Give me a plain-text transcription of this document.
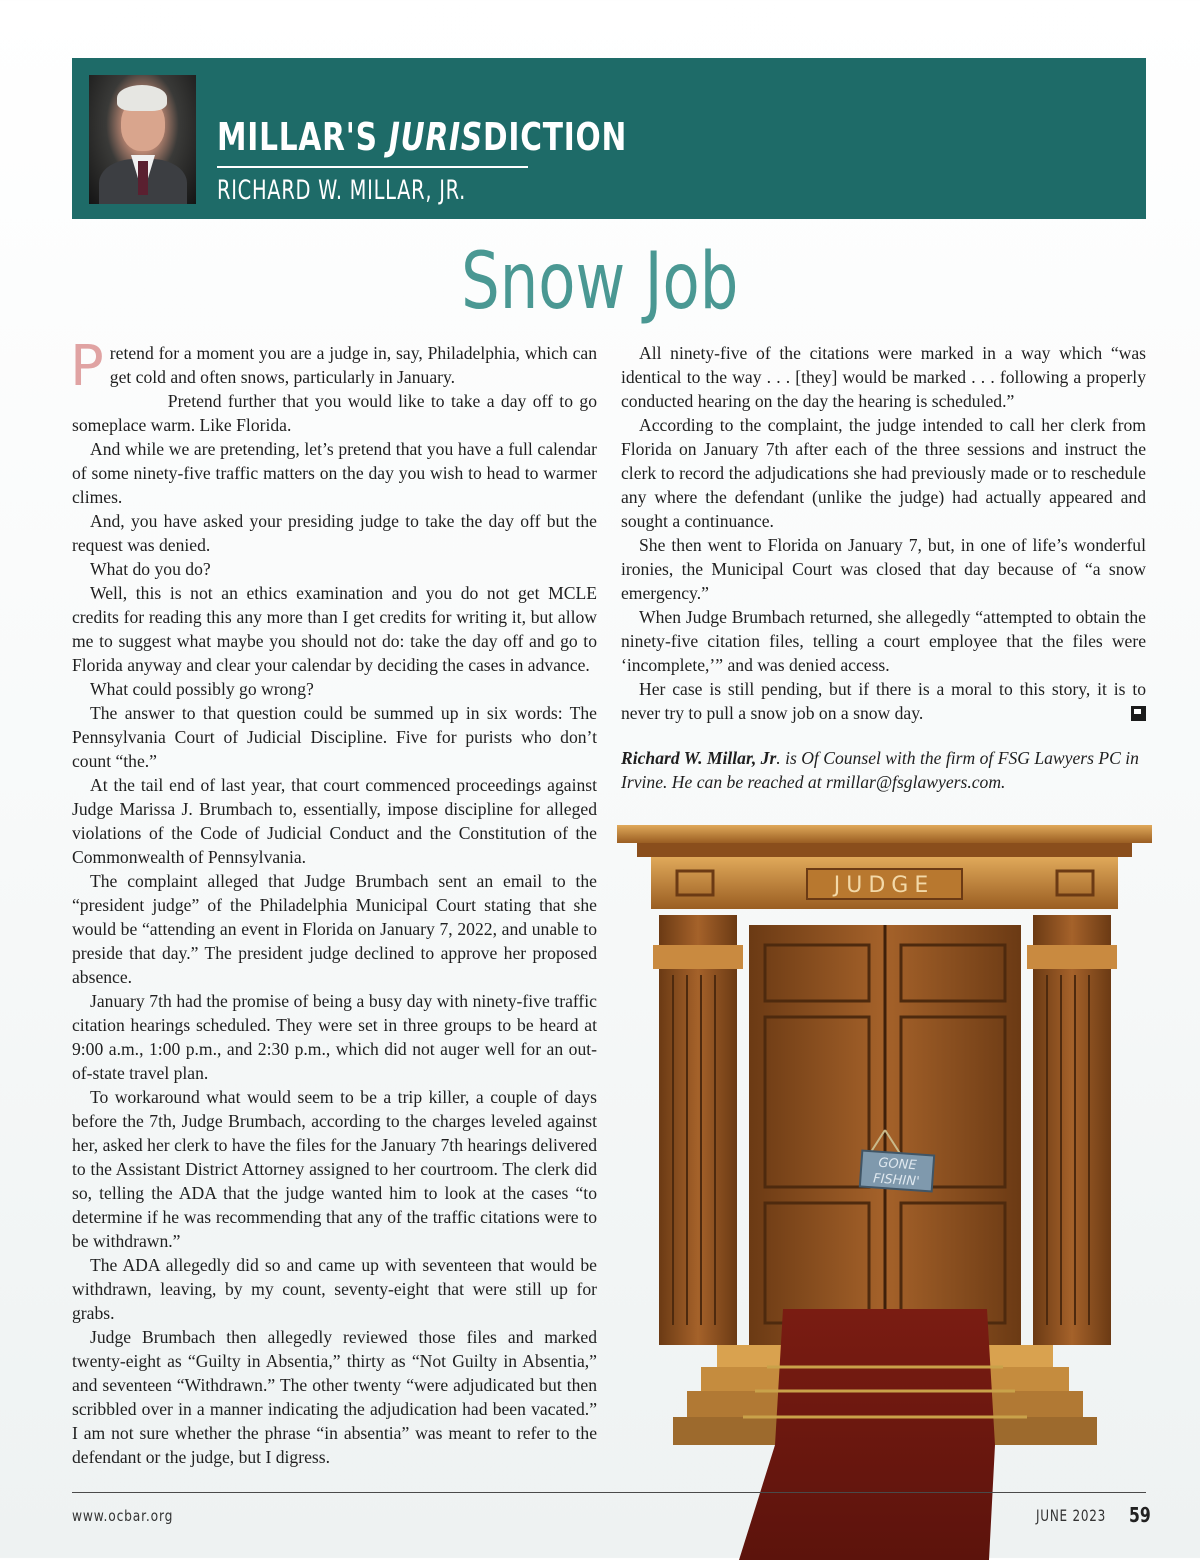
MILLAR'S JURISDICTION
RICHARD W. MILLAR, JR.
Snow Job

Pretend for a moment you are a judge in, say, Philadelphia, which can get cold and often snows, particularly in January.

Pretend further that you would like to take a day off to go someplace warm. Like Florida.

And while we are pretending, let’s pretend that you have a full calendar of some ninety-five traffic matters on the day you wish to head to warmer climes.

And, you have asked your presiding judge to take the day off but the request was denied.

What do you do?

Well, this is not an ethics examination and you do not get MCLE credits for reading this any more than I get credits for writing it, but allow me to suggest what maybe you should not do: take the day off and go to Florida anyway and clear your calendar by deciding the cases in advance.

What could possibly go wrong?

The answer to that question could be summed up in six words: The Pennsylvania Court of Judicial Discipline. Five for purists who don’t count “the.”

At the tail end of last year, that court commenced proceedings against Judge Marissa J. Brumbach to, essentially, impose discipline for alleged violations of the Code of Judicial Conduct and the Constitution of the Commonwealth of Pennsylvania.

The complaint alleged that Judge Brumbach sent an email to the “president judge” of the Philadelphia Municipal Court stating that she would be “attending an event in Florida on January 7, 2022, and unable to preside that day.” The president judge declined to approve her proposed absence.

January 7th had the promise of being a busy day with ninety-five traffic citation hearings scheduled. They were set in three groups to be heard at 9:00 a.m., 1:00 p.m., and 2:30 p.m., which did not auger well for an out-of-state travel plan.

To workaround what would seem to be a trip killer, a couple of days before the 7th, Judge Brumbach, according to the charges leveled against her, asked her clerk to have the files for the January 7th hearings delivered to the Assistant District Attorney assigned to her courtroom. The clerk did so, telling the ADA that the judge wanted him to look at the cases “to determine if he was recommending that any of the traffic citations were to be withdrawn.”

The ADA allegedly did so and came up with seventeen that would be withdrawn, leaving, by my count, seventy-eight that were still up for grabs.

Judge Brumbach then allegedly reviewed those files and marked twenty-eight as “Guilty in Absentia,” thirty as “Not Guilty in Absentia,” and seventeen “Withdrawn.” The other twenty “were adjudicated but then scribbled over in a manner indicating the adjudication had been vacated.” I am not sure whether the phrase “in absentia” was meant to refer to the defendant or the judge, but I digress.

All ninety-five of the citations were marked in a way which “was identical to the way . . . [they] would be marked . . . following a properly conducted hearing on the day the hearing is scheduled.”

According to the complaint, the judge intended to call her clerk from Florida on January 7th after each of the three sessions and instruct the clerk to record the adjudications she had previously made or to reschedule any where the defendant (unlike the judge) had actually appeared and sought a continuance.

She then went to Florida on January 7, but, in one of life’s wonderful ironies, the Municipal Court was closed that day because of “a snow emergency.”

When Judge Brumbach returned, she allegedly “attempted to obtain the ninety-five citation files, telling a court employee that the files were ‘incomplete,’” and was denied access.

Her case is still pending, but if there is a moral to this story, it is to never try to pull a snow job on a snow day.

Richard W. Millar, Jr. is Of Counsel with the firm of FSG Lawyers PC in Irvine. He can be reached at rmillar@fsglawyers.com.
JUDGE
GONE
FISHIN'
www.ocbar.org	JUNE 2023 59
